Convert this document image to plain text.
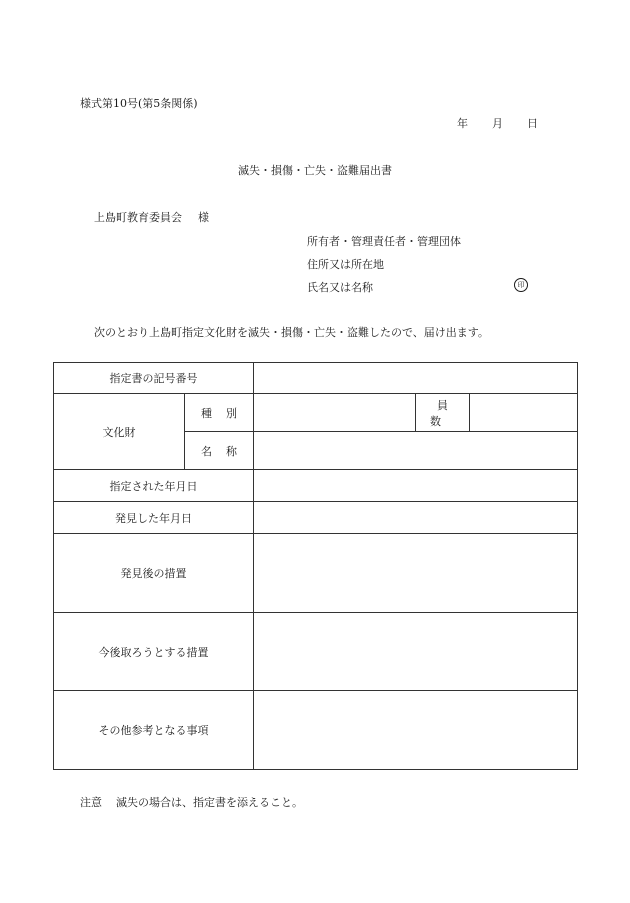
様式第10号(第5条関係)
年 月 日
滅失・損傷・亡失・盗難届出書
上島町教育委員会 様
所有者・管理責任者・管理団体
住所又は所在地
氏名又は名称	印
次のとおり上島町指定文化財を滅失・損傷・亡失・盗難したので、届け出ます。
指定書の記号番号				
文化財	種別		員数	
	名称			
指定された年月日				
発見した年月日				
発見後の措置				
今後取ろうとする措置				
その他参考となる事項				
注意 滅失の場合は、指定書を添えること。
